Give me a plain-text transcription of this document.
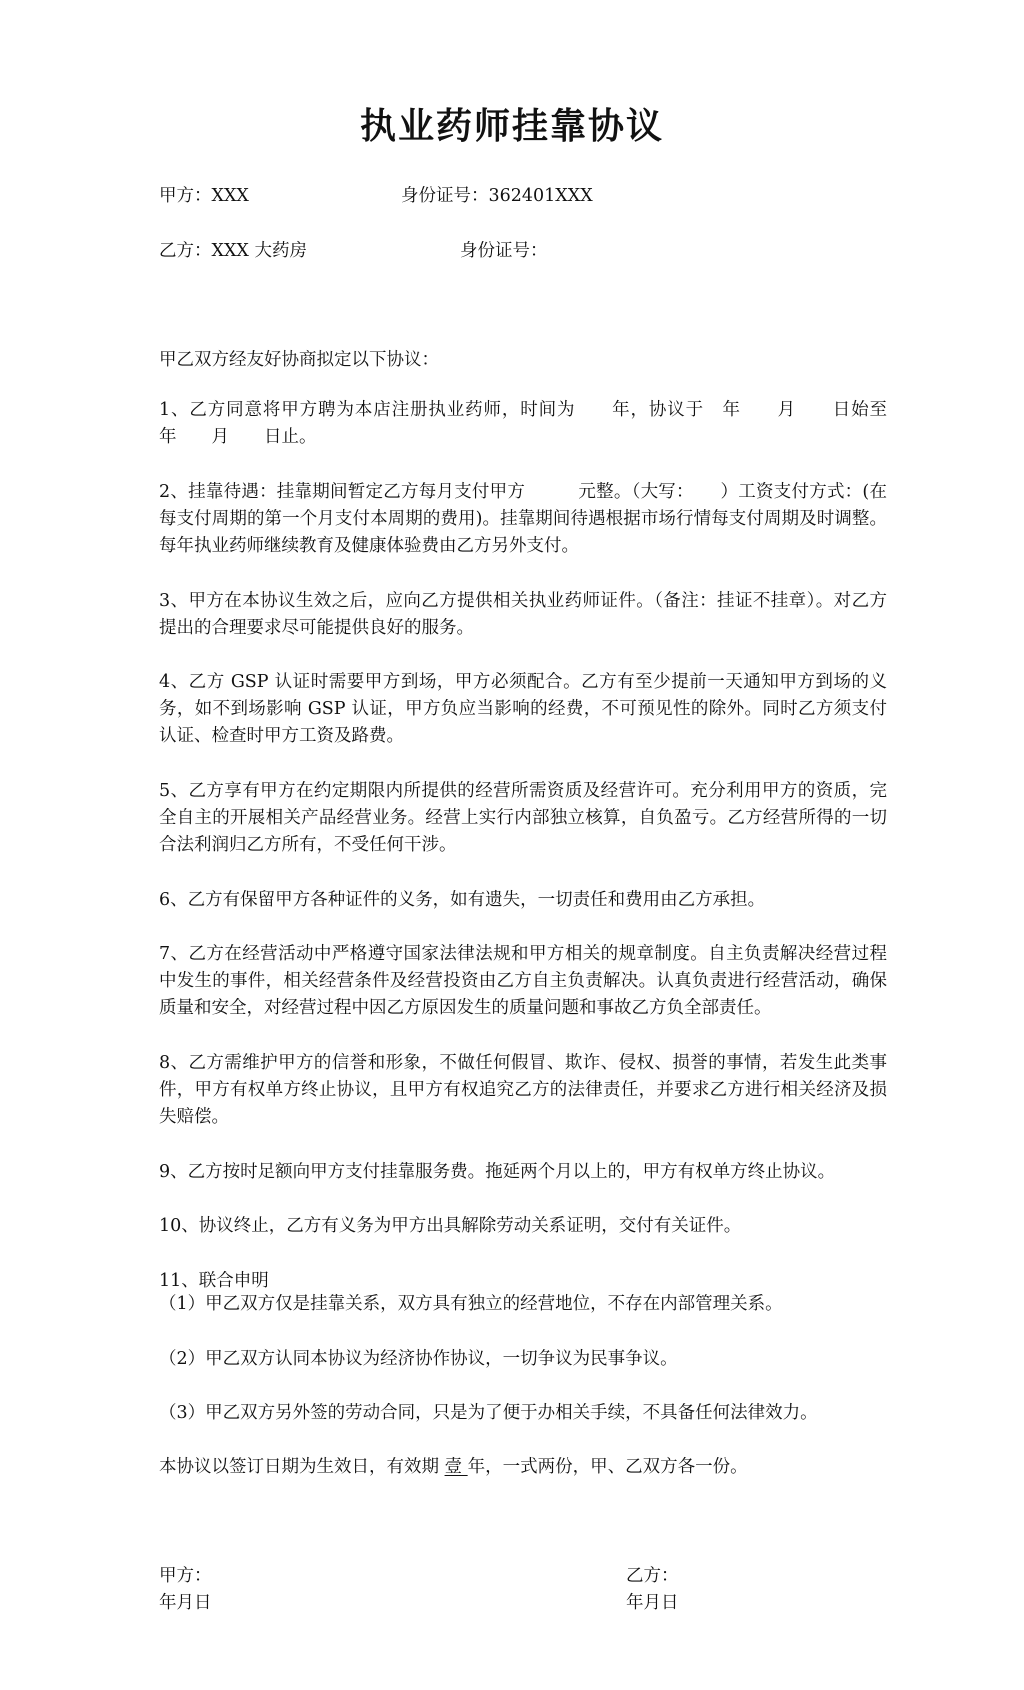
执业药师挂靠协议
甲方：XXX	身份证号：362401XXX
乙方：XXX 大药房	身份证号：
甲乙双方经友好协商拟定以下协议：
1、乙方同意将甲方聘为本店注册执业药师，时间为　　年，协议于　年　　月　　日始至　　年　　月　　日止。
2、挂靠待遇：挂靠期间暂定乙方每月支付甲方　　　元整。（大写：　　）工资支付方式：(在每支付周期的第一个月支付本周期的费用)。挂靠期间待遇根据市场行情每支付周期及时调整。每年执业药师继续教育及健康体验费由乙方另外支付。
3、甲方在本协议生效之后，应向乙方提供相关执业药师证件。（备注：挂证不挂章）。对乙方提出的合理要求尽可能提供良好的服务。
4、乙方 GSP 认证时需要甲方到场，甲方必须配合。乙方有至少提前一天通知甲方到场的义务，如不到场影响 GSP 认证，甲方负应当影响的经费，不可预见性的除外。同时乙方须支付认证、检查时甲方工资及路费。
5、乙方享有甲方在约定期限内所提供的经营所需资质及经营许可。充分利用甲方的资质，完全自主的开展相关产品经营业务。经营上实行内部独立核算，自负盈亏。乙方经营所得的一切合法利润归乙方所有，不受任何干涉。
6、乙方有保留甲方各种证件的义务，如有遗失，一切责任和费用由乙方承担。
7、乙方在经营活动中严格遵守国家法律法规和甲方相关的规章制度。自主负责解决经营过程中发生的事件，相关经营条件及经营投资由乙方自主负责解决。认真负责进行经营活动，确保质量和安全，对经营过程中因乙方原因发生的质量问题和事故乙方负全部责任。
8、乙方需维护甲方的信誉和形象，不做任何假冒、欺诈、侵权、损誉的事情，若发生此类事件，甲方有权单方终止协议，且甲方有权追究乙方的法律责任，并要求乙方进行相关经济及损失赔偿。
9、乙方按时足额向甲方支付挂靠服务费。拖延两个月以上的，甲方有权单方终止协议。
10、协议终止，乙方有义务为甲方出具解除劳动关系证明，交付有关证件。
11、联合申明
（1）甲乙双方仅是挂靠关系，双方具有独立的经营地位，不存在内部管理关系。
（2）甲乙双方认同本协议为经济协作协议，一切争议为民事争议。
（3）甲乙双方另外签的劳动合同，只是为了便于办相关手续，不具备任何法律效力。
本协议以签订日期为生效日，有效期 壹 年，一式两份，甲、乙双方各一份。
甲方：
年月日
乙方：
年月日
